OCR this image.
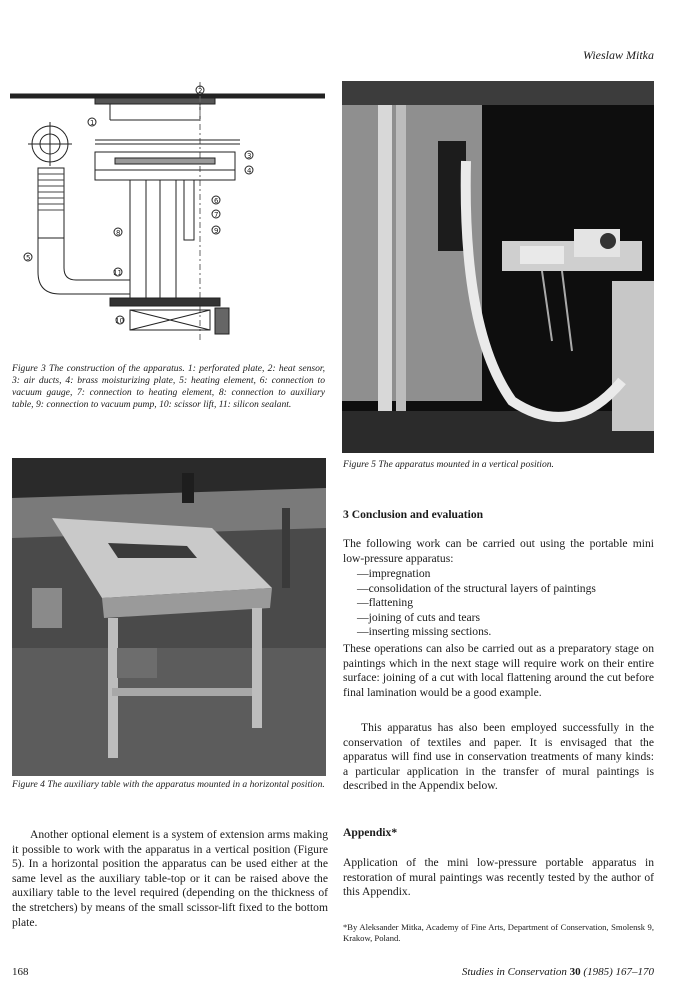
Wieslaw Mitka
1
2
3
4
5
6
7
8	9
10
11
Figure 3 The construction of the apparatus. 1: perforated plate, 2: heat sensor, 3: air ducts, 4: brass moisturizing plate, 5: heating element, 6: connection to vacuum gauge, 7: connection to heating element, 8: connection to auxiliary table, 9: connection to vacuum pump, 10: scissor lift, 11: silicon sealant.
Figure 4 The auxiliary table with the apparatus mounted in a horizontal position.
Figure 5 The apparatus mounted in a vertical position.

Another optional element is a system of extension arms making it possible to work with the apparatus in a vertical position (Figure 5). In a horizontal position the apparatus can be used either at the same level as the auxiliary table-top or it can be raised above the auxiliary table to the level required (depending on the thickness of the stretchers) by means of the small scissor-lift fixed to the bottom plate.

3 Conclusion and evaluation
The following work can be carried out using the portable mini low-pressure apparatus:
—impregnation
—consolidation of the structural layers of paintings
—flattening
—joining of cuts and tears
—inserting missing sections.
These operations can also be carried out as a preparatory stage on paintings which in the next stage will require work on their entire surface: joining of a cut with local flattening around the cut before final lamination would be a good example.
This apparatus has also been employed successfully in the conservation of textiles and paper. It is envisaged that the apparatus will find use in conservation treatments of many kinds: a particular application in the transfer of mural paintings is described in the Appendix below.
Appendix*
Application of the mini low-pressure portable apparatus in restoration of mural paintings was recently tested by the author of this Appendix.
*By Aleksander Mitka, Academy of Fine Arts, Department of Conservation, Smolensk 9, Krakow, Poland.
168	Studies in Conservation 30 (1985) 167–170
